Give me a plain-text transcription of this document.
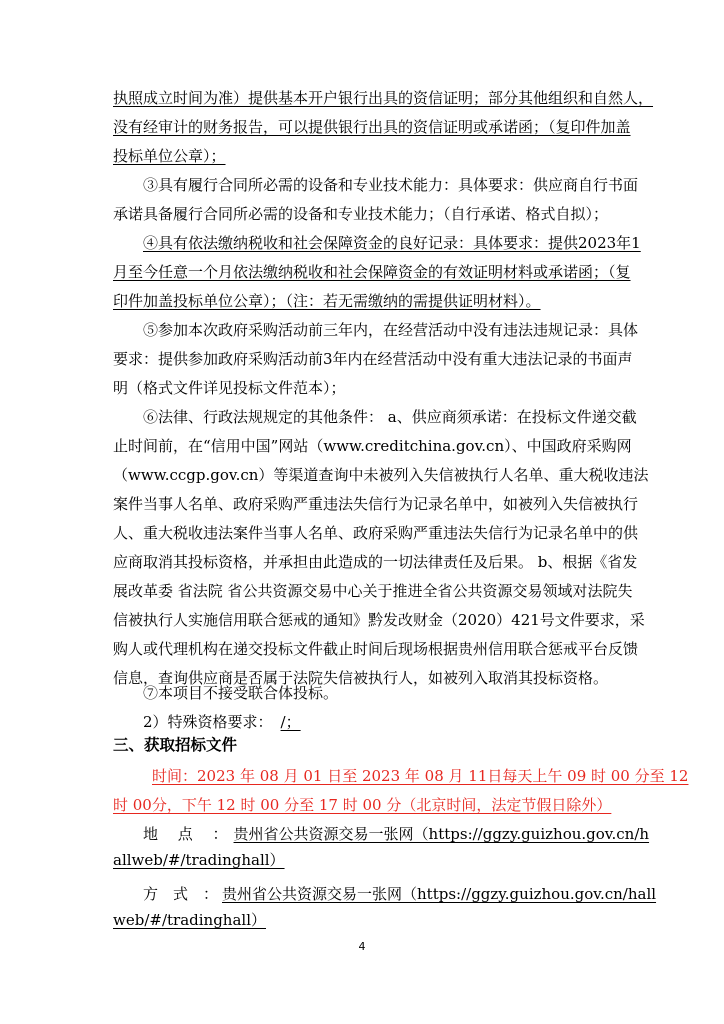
执照成立时间为准）提供基本开户银行出具的资信证明；部分其他组织和自然人，
没有经审计的财务报告，可以提供银行出具的资信证明或承诺函；（复印件加盖
投标单位公章）；
③具有履行合同所必需的设备和专业技术能力：具体要求：供应商自行书面
承诺具备履行合同所必需的设备和专业技术能力；（自行承诺、格式自拟）；
④具有依法缴纳税收和社会保障资金的良好记录：具体要求：提供2023年1
月至今任意一个月依法缴纳税收和社会保障资金的有效证明材料或承诺函；（复
印件加盖投标单位公章）；（注：若无需缴纳的需提供证明材料）。
⑤参加本次政府采购活动前三年内，在经营活动中没有违法违规记录：具体
要求：提供参加政府采购活动前3年内在经营活动中没有重大违法记录的书面声
明（格式文件详见投标文件范本）；
⑥法律、行政法规规定的其他条件： a、供应商须承诺：在投标文件递交截
止时间前，在“信用中国”网站（www.creditchina.gov.cn）、中国政府采购网
（www.ccgp.gov.cn）等渠道查询中未被列入失信被执行人名单、重大税收违法
案件当事人名单、政府采购严重违法失信行为记录名单中，如被列入失信被执行
人、重大税收违法案件当事人名单、政府采购严重违法失信行为记录名单中的供
应商取消其投标资格，并承担由此造成的一切法律责任及后果。 b、根据《省发
展改革委 省法院 省公共资源交易中心关于推进全省公共资源交易领域对法院失
信被执行人实施信用联合惩戒的通知》黔发改财金（2020）421号文件要求，采
购人或代理机构在递交投标文件截止时间后现场根据贵州信用联合惩戒平台反馈
信息，查询供应商是否属于法院失信被执行人，如被列入取消其投标资格。
⑦本项目不接受联合体投标。
2）特殊资格要求： /；
三、获取招标文件
时间：2023 年 08 月 01 日至 2023 年 08 月 11日每天上午 09 时 00 分至 12
时 00分，下午 12 时 00 分至 17 时 00 分（北京时间，法定节假日除外）
地　 点　 ： 贵州省公共资源交易一张网（https://ggzy.guizhou.gov.cn/h
allweb/#/tradinghall）
方　式　： 贵州省公共资源交易一张网（https://ggzy.guizhou.gov.cn/hall
web/#/tradinghall）
4
